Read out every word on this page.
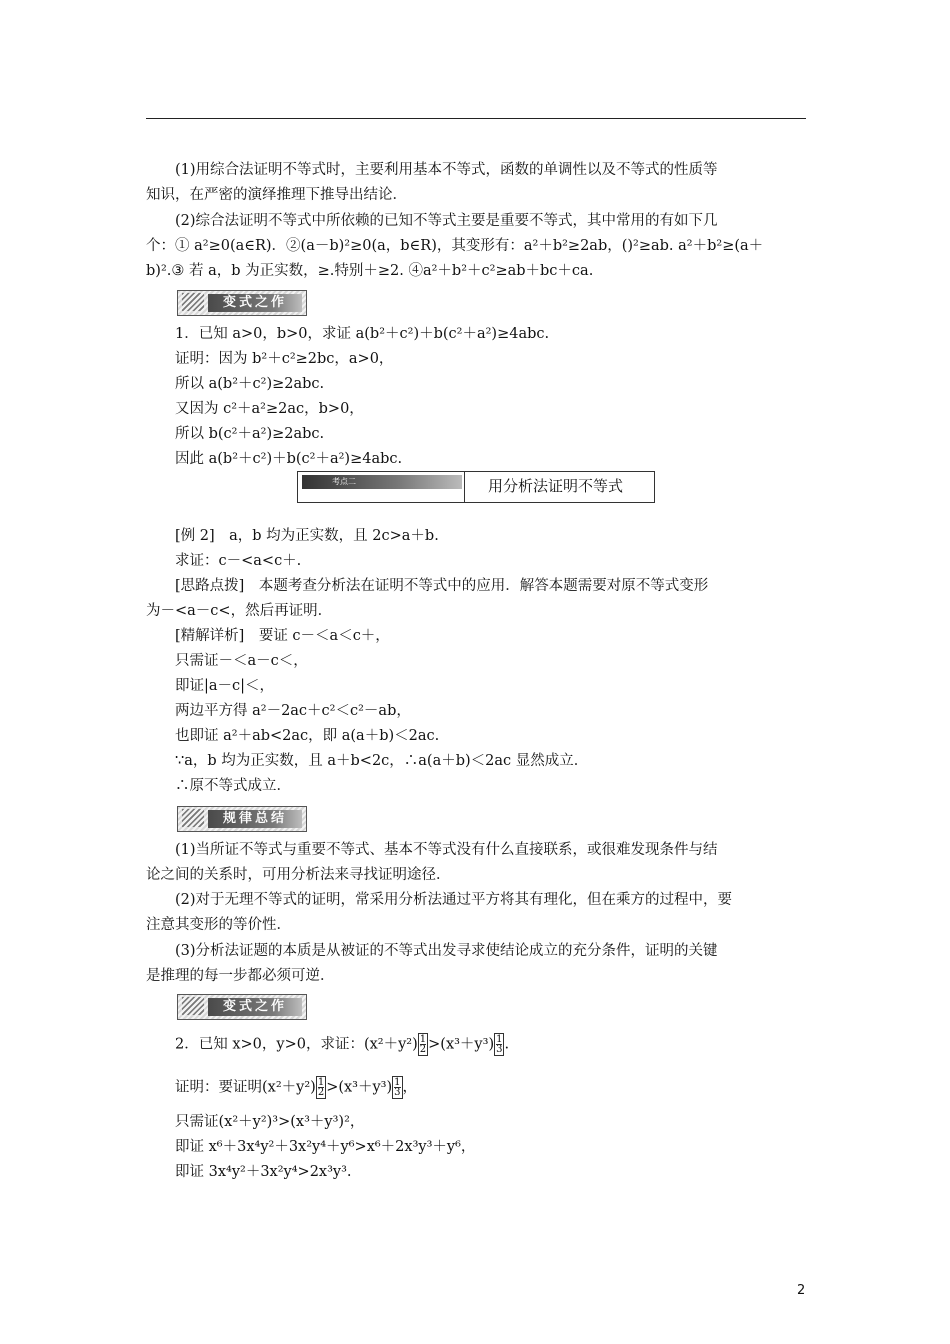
(1)用综合法证明不等式时，主要利用基本不等式，函数的单调性以及不等式的性质等
知识，在严密的演绎推理下推导出结论．
(2)综合法证明不等式中所依赖的已知不等式主要是重要不等式，其中常用的有如下几
个：① a²≥0(a∈R)．②(a－b)²≥0(a，b∈R)，其变形有：a²＋b²≥2ab，()²≥ab. a²＋b²≥(a＋
b)².③ 若 a，b 为正实数，≥.特别＋≥2. ④a²＋b²＋c²≥ab＋bc＋ca.
变式之作
1．已知 a>0，b>0，求证 a(b²＋c²)＋b(c²＋a²)≥4abc.
证明：因为 b²＋c²≥2bc，a>0，
所以 a(b²＋c²)≥2abc.
又因为 c²＋a²≥2ac，b>0，
所以 b(c²＋a²)≥2abc.
因此 a(b²＋c²)＋b(c²＋a²)≥4abc.
考点二	用分析法证明不等式
[例 2]　a，b 均为正实数，且 2c>a＋b.
求证：c－<a<c＋.
[思路点拨]　本题考查分析法在证明不等式中的应用．解答本题需要对原不等式变形
为－<a－c<，然后再证明．
[精解详析]　要证 c－＜a＜c＋，
只需证－＜a－c＜，
即证|a－c|＜，
两边平方得 a²－2ac＋c²＜c²－ab，
也即证 a²＋ab<2ac，即 a(a＋b)＜2ac.
∵a，b 均为正实数，且 a＋b<2c，∴a(a＋b)＜2ac 显然成立．
∴原不等式成立．
规律总结
(1)当所证不等式与重要不等式、基本不等式没有什么直接联系，或很难发现条件与结
论之间的关系时，可用分析法来寻找证明途径．
(2)对于无理不等式的证明，常采用分析法通过平方将其有理化，但在乘方的过程中，要
注意其变形的等价性．
(3)分析法证题的本质是从被证的不等式出发寻求使结论成立的充分条件，证明的关键
是推理的每一步都必须可逆．
变式之作
2．已知 x>0，y>0，求证：$(x^2+y^2) \frac{1}{2} >(x^3+y^3) \frac{1}{3}$ .
证明：要证明$(x^2+y^2) \frac{1}{2} >(x^3+y^3) \frac{1}{3}$ ，
只需证(x²＋y²)³>(x³＋y³)²，
即证 x⁶＋3x⁴y²＋3x²y⁴＋y⁶>x⁶＋2x³y³＋y⁶，
即证 3x⁴y²＋3x²y⁴>2x³y³.
2
